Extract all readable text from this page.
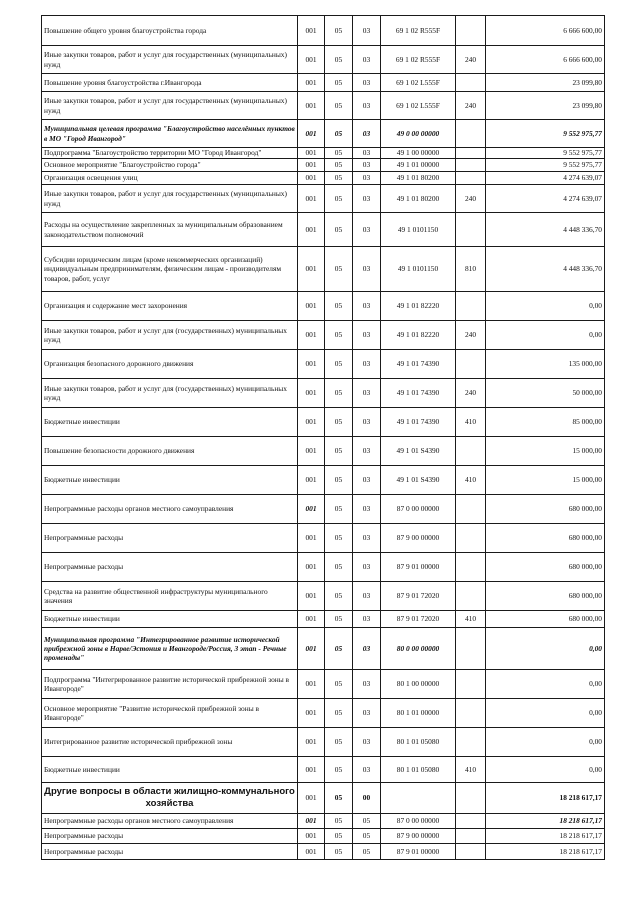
Повышение общего уровня благоустройства города	001	05	03	69 1 02 R555F		6 666 600,00
Иные закупки товаров, работ и услуг для государственных (муниципальных) нужд	001	05	03	69 1 02 R555F	240	6 666 600,00
Повышение уровня благоустройства г.Ивангорода	001	05	03	69 1 02 L555F		23 099,80
Иные закупки товаров, работ и услуг для государственных (муниципальных) нужд	001	05	03	69 1 02 L555F	240	23 099,80
Муниципальная целевая программа "Благоустройство населённых пунктов в МО "Город Ивангород"	001	05	03	49 0 00 00000		9 552 975,77
Подпрограмма "Благоустройство территории МО "Город Ивангород"	001	05	03	49 1 00 00000		9 552 975,77
Основное мероприятие "Благоустройство города"	001	05	03	49 1 01 00000		9 552 975,77
Организация освещения улиц	001	05	03	49 1 01 80200		4 274 639,07
Иные закупки товаров, работ и услуг для государственных (муниципальных) нужд	001	05	03	49 1 01 80200	240	4 274 639,07
Расходы на осуществление закрепленных за муниципальным образованием законодательством полномочий	001	05	03	49 1 0101150		4 448 336,70
Субсидии юридическим лицам (кроме некоммерческих организаций) индивидуальным предпринимателям, физическим лицам - производителям товаров, работ, услуг	001	05	03	49 1 0101150	810	4 448 336,70
Организация и содержание мест захоронения	001	05	03	49 1 01 82220		0,00
Иные закупки товаров, работ и услуг для (государственных) муниципальных нужд	001	05	03	49 1 01 82220	240	0,00
Организация безопасного дорожного движения	001	05	03	49 1 01 74390		135 000,00
Иные закупки товаров, работ и услуг для (государственных) муниципальных нужд	001	05	03	49 1 01 74390	240	50 000,00
Бюджетные инвестиции	001	05	03	49 1 01 74390	410	85 000,00
Повышение безопасности дорожного движения	001	05	03	49 1 01 S4390		15 000,00
Бюджетные инвестиции	001	05	03	49 1 01 S4390	410	15 000,00
Непрограммные расходы органов местного самоуправления	001	05	03	87 0 00 00000		680 000,00
Непрограммные расходы	001	05	03	87 9 00 00000		680 000,00
Непрограммные расходы	001	05	03	87 9 01 00000		680 000,00
Средства на развитие общественной инфраструктуры муниципального значения	001	05	03	87 9 01 72020		680 000,00
Бюджетные инвестиции	001	05	03	87 9 01 72020	410	680 000,00
Муниципальная программа "Интегрированное развитие исторической прибрежной зоны в Нарве/Эстония и Ивангороде/Россия, 3 этап - Речные променады"	001	05	03	80 0 00 00000		0,00
Подпрограмма "Интегрированное развитие исторической прибрежной зоны в Ивангороде"	001	05	03	80 1 00 00000		0,00
Основное мероприятие "Развитие исторической прибрежной зоны в Ивангороде"	001	05	03	80 1 01 00000		0,00
Интегрированное развитие исторической прибрежной зоны	001	05	03	80 1 01 05080		0,00
Бюджетные инвестиции	001	05	03	80 1 01 05080	410	0,00
Другие вопросы в области жилищно-коммунального хозяйства	001	05	00			18 218 617,17
Непрограммные расходы органов местного самоуправления	001	05	05	87 0 00 00000		18 218 617,17
Непрограммные расходы	001	05	05	87 9 00 00000		18 218 617,17
Непрограммные расходы	001	05	05	87 9 01 00000		18 218 617,17
